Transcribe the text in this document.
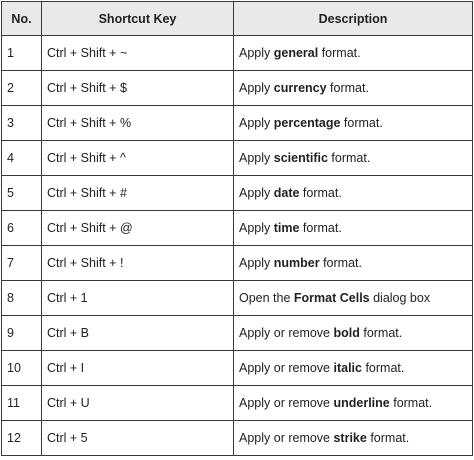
No.	Shortcut Key	Description
1	Ctrl + Shift + ~	Apply general format.
2	Ctrl + Shift + $	Apply currency format.
3	Ctrl + Shift + %	Apply percentage format.
4	Ctrl + Shift + ^	Apply scientific format.
5	Ctrl + Shift + #	Apply date format.
6	Ctrl + Shift + @	Apply time format.
7	Ctrl + Shift + !	Apply number format.
8	Ctrl + 1	Open the Format Cells dialog box
9	Ctrl + B	Apply or remove bold format.
10	Ctrl + I	Apply or remove italic format.
11	Ctrl + U	Apply or remove underline format.
12	Ctrl + 5	Apply or remove strike format.
